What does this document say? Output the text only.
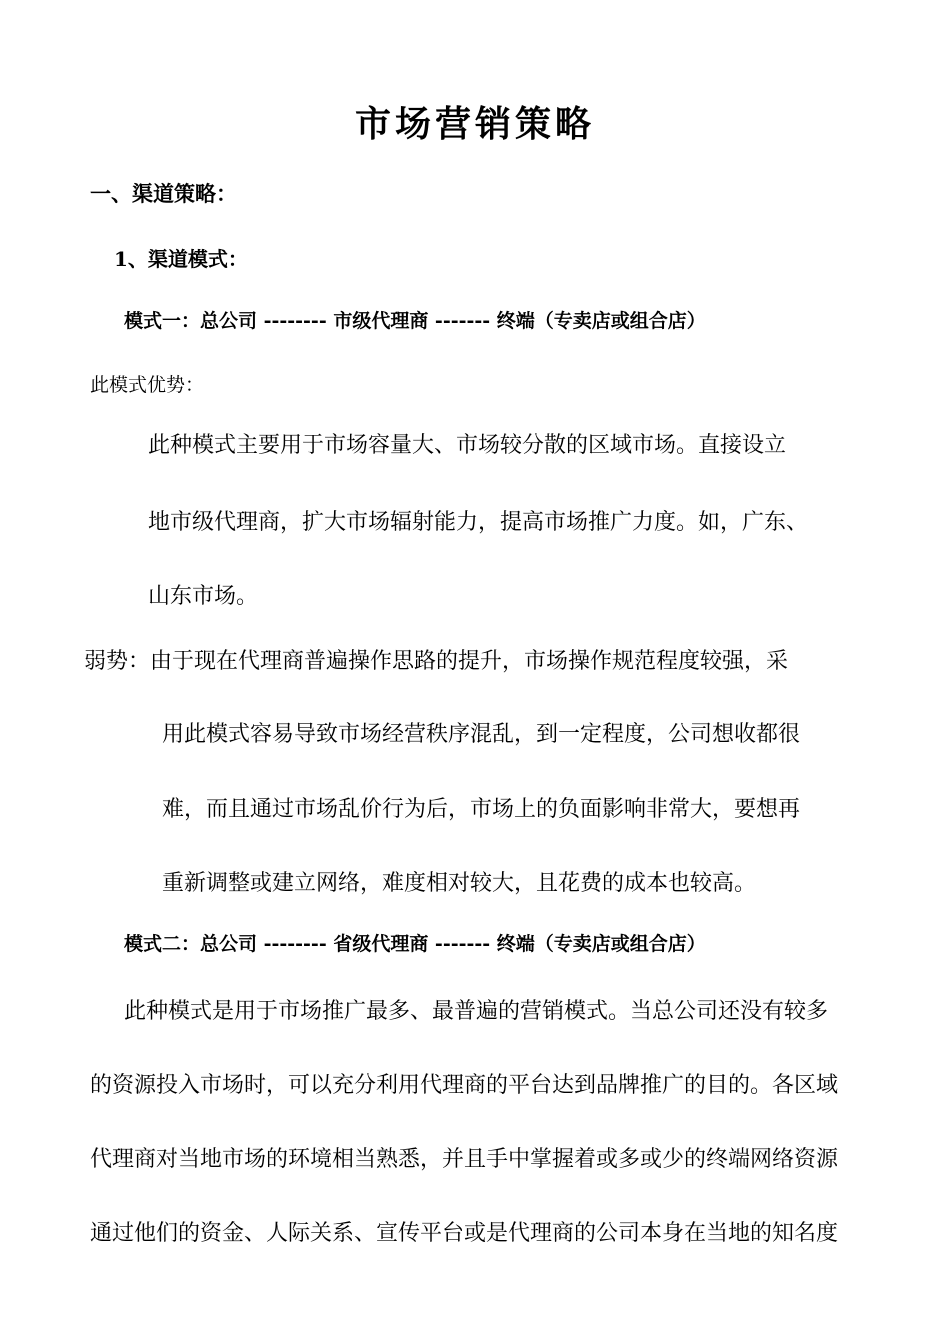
市场营销策略
一、渠道策略：
1、渠道模式：
模式一：总公司 -------- 市级代理商 ------- 终端（专卖店或组合店）
此模式优势：
此种模式主要用于市场容量大、市场较分散的区域市场。直接设立
地市级代理商，扩大市场辐射能力，提高市场推广力度。如，广东、
山东市场。
弱势：由于现在代理商普遍操作思路的提升，市场操作规范程度较强，采
用此模式容易导致市场经营秩序混乱，到一定程度，公司想收都很
难，而且通过市场乱价行为后，市场上的负面影响非常大，要想再
重新调整或建立网络，难度相对较大，且花费的成本也较高。
模式二：总公司 -------- 省级代理商 ------- 终端（专卖店或组合店）
此种模式是用于市场推广最多、最普遍的营销模式。当总公司还没有较多
的资源投入市场时，可以充分利用代理商的平台达到品牌推广的目的。各区域
代理商对当地市场的环境相当熟悉，并且手中掌握着或多或少的终端网络资源
通过他们的资金、人际关系、宣传平台或是代理商的公司本身在当地的知名度
